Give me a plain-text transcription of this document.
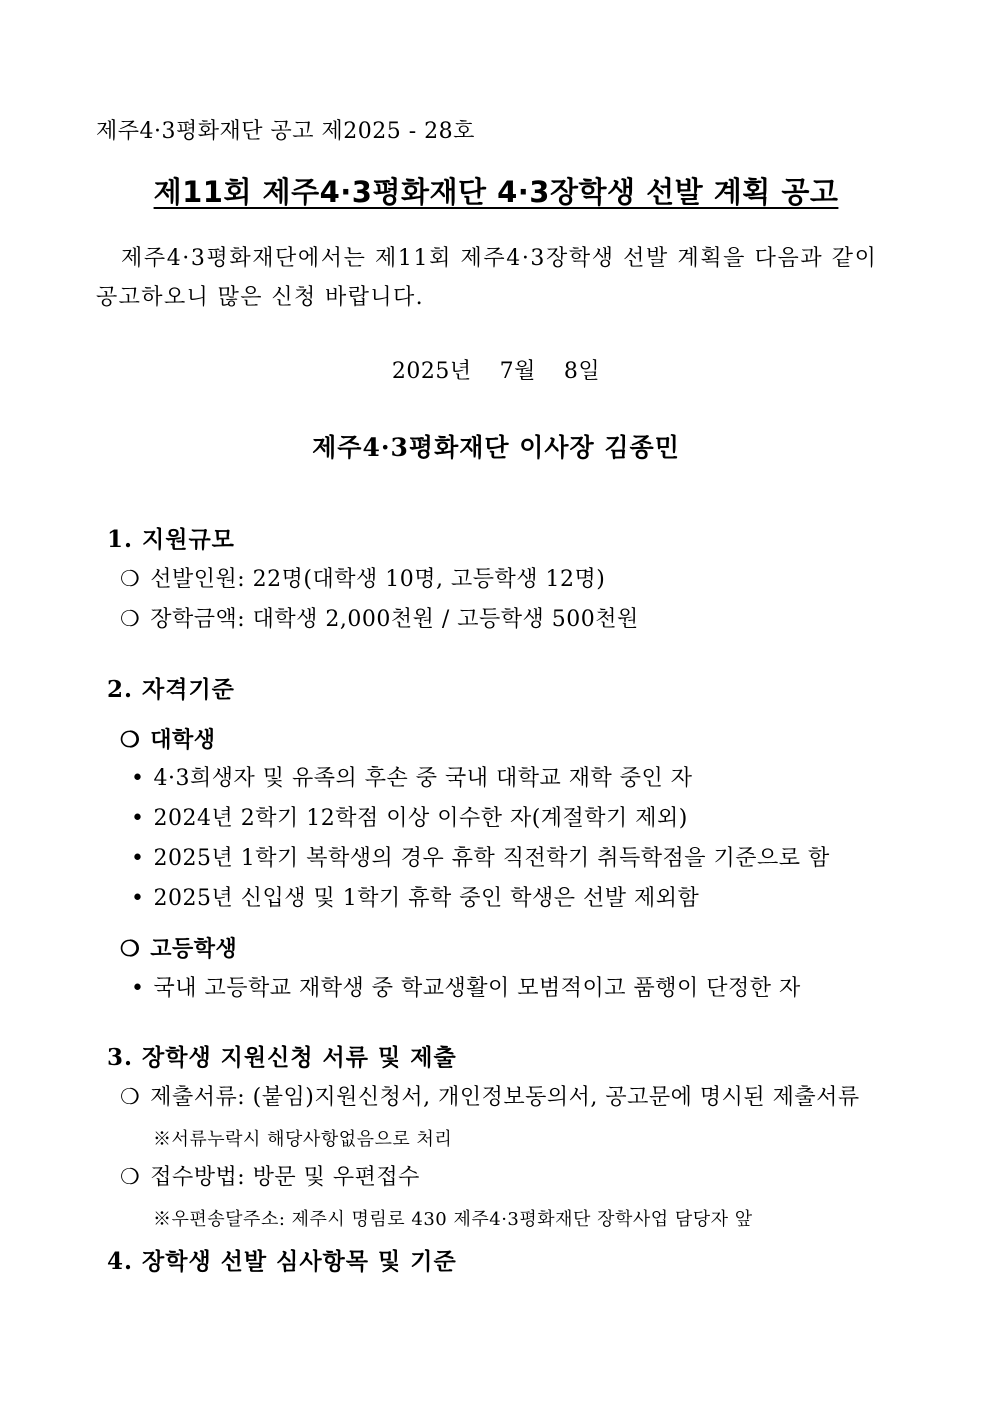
제주4·3평화재단 공고 제2025 - 28호
제11회 제주4·3평화재단 4·3장학생 선발 계획 공고
제주4·3평화재단에서는 제11회 제주4·3장학생 선발 계획을 다음과 같이
공고하오니 많은 신청 바랍니다.
2025년 7월 8일
제주4·3평화재단 이사장 김종민
1. 지원규모
❍ 선발인원: 22명(대학생 10명, 고등학생 12명)
❍ 장학금액: 대학생 2,000천원 / 고등학생 500천원
2. 자격기준
❍ 대학생
• 4·3희생자 및 유족의 후손 중 국내 대학교 재학 중인 자
• 2024년 2학기 12학점 이상 이수한 자(계절학기 제외)
• 2025년 1학기 복학생의 경우 휴학 직전학기 취득학점을 기준으로 함
• 2025년 신입생 및 1학기 휴학 중인 학생은 선발 제외함
❍ 고등학생
• 국내 고등학교 재학생 중 학교생활이 모범적이고 품행이 단정한 자
3. 장학생 지원신청 서류 및 제출
❍ 제출서류: (붙임)지원신청서, 개인정보동의서, 공고문에 명시된 제출서류
※서류누락시 해당사항없음으로 처리
❍ 접수방법: 방문 및 우편접수
※우편송달주소: 제주시 명림로 430 제주4·3평화재단 장학사업 담당자 앞
4. 장학생 선발 심사항목 및 기준
